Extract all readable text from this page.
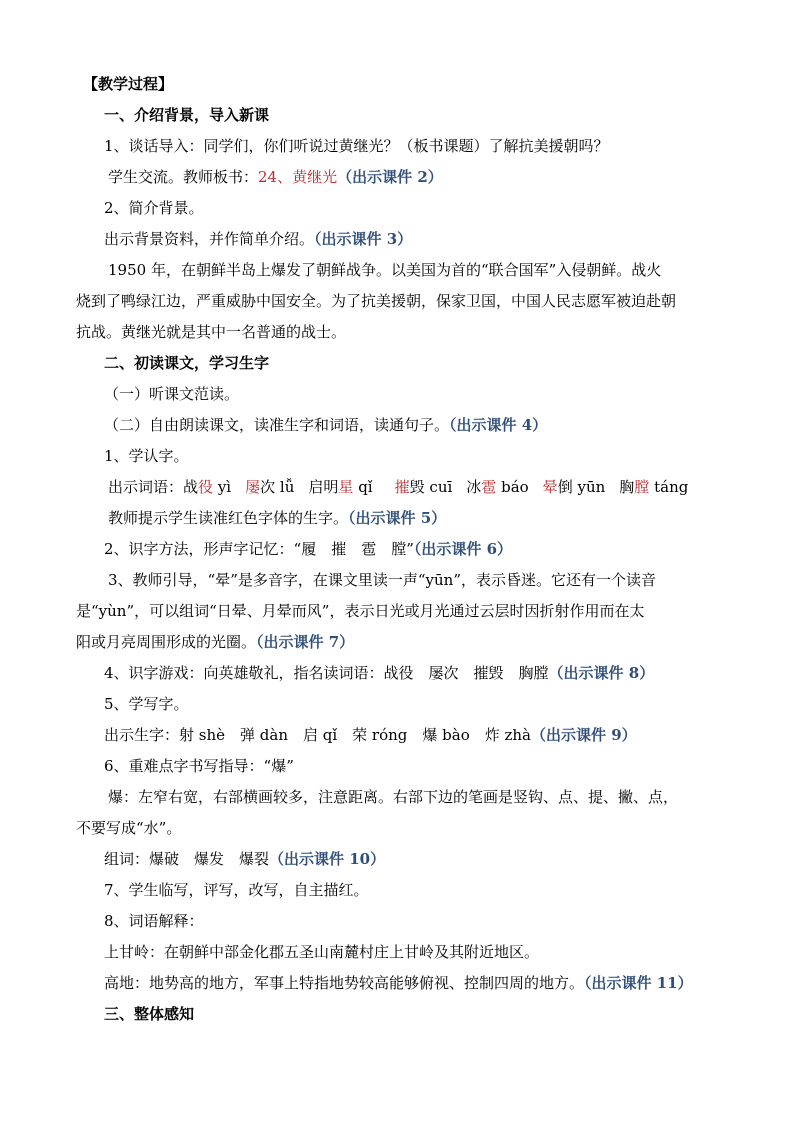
【教学过程】
一、介绍背景，导入新课
1、谈话导入：同学们，你们听说过黄继光？（板书课题）了解抗美援朝吗？
学生交流。教师板书：24、黄继光（出示课件 2）
2、简介背景。
出示背景资料，并作简单介绍。（出示课件 3）
1950 年，在朝鲜半岛上爆发了朝鲜战争。以美国为首的“联合国军”入侵朝鲜。战火
烧到了鸭绿江边，严重威胁中国安全。为了抗美援朝，保家卫国，中国人民志愿军被迫赴朝
抗战。黄继光就是其中一名普通的战士。
二、初读课文，学习生字
（一）听课文范读。
（二）自由朗读课文，读准生字和词语，读通句子。（出示课件 4）
1、学认字。
出示词语：战役 yì 屡次 lǚ 启明星 qǐ 摧毁 cuī 冰雹 báo 晕倒 yūn 胸膛 táng
教师提示学生读准红色字体的生字。（出示课件 5）
2、识字方法，形声字记忆：“履　摧　雹　膛”（出示课件 6）
3、教师引导，“晕”是多音字，在课文里读一声“yūn”，表示昏迷。它还有一个读音
是“yùn”，可以组词“日晕、月晕而风”，表示日光或月光通过云层时因折射作用而在太
阳或月亮周围形成的光圈。（出示课件 7）
4、识字游戏：向英雄敬礼，指名读词语：战役　屡次　摧毁　胸膛（出示课件 8）
5、学写字。
出示生字：射 shè　弹 dàn　启 qǐ　荣 róng　爆 bào　炸 zhà（出示课件 9）
6、重难点字书写指导：“爆”
爆：左窄右宽，右部横画较多，注意距离。右部下边的笔画是竖钩、点、提、撇、点，
不要写成“水”。
组词：爆破　爆发　爆裂（出示课件 10）
7、学生临写，评写，改写，自主描红。
8、词语解释：
上甘岭：在朝鲜中部金化郡五圣山南麓村庄上甘岭及其附近地区。
高地：地势高的地方，军事上特指地势较高能够俯视、控制四周的地方。（出示课件 11）
三、整体感知
